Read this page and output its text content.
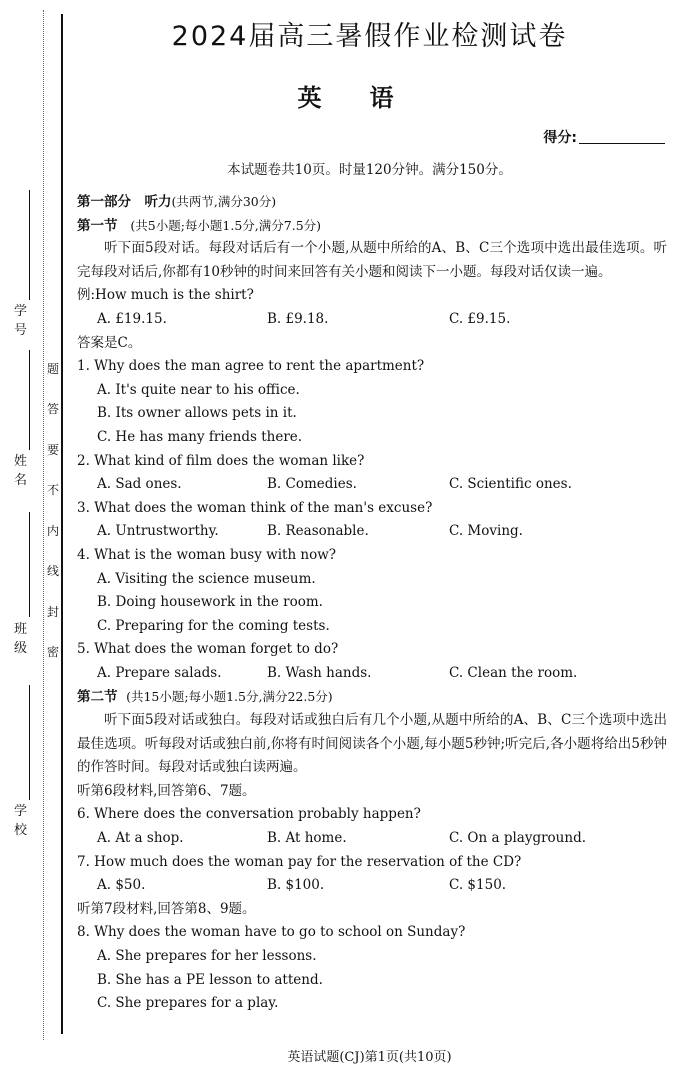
学
号
姓
名
班
级
学
校
密
封
线
内
不
要
答
题
2024届高三暑假作业检测试卷
英语
得分:
本试题卷共10页。时量120分钟。满分150分。
第一部分　听力(共两节,满分30分)
第一节 (共5小题;每小题1.5分,满分7.5分)
听下面5段对话。每段对话后有一个小题,从题中所给的A、B、C三个选项中选出最佳选项。听完每段对话后,你都有10秒钟的时间来回答有关小题和阅读下一小题。每段对话仅读一遍。
例:How much is the shirt?
A. £19.15.	B. £9.18.	C. £9.15.
答案是C。
1. Why does the man agree to rent the apartment?
A. It's quite near to his office.
B. Its owner allows pets in it.
C. He has many friends there.
2. What kind of film does the woman like?
A. Sad ones.	B. Comedies.	C. Scientific ones.
3. What does the woman think of the man's excuse?
A. Untrustworthy.	B. Reasonable.	C. Moving.
4. What is the woman busy with now?
A. Visiting the science museum.
B. Doing housework in the room.
C. Preparing for the coming tests.
5. What does the woman forget to do?
A. Prepare salads.	B. Wash hands.	C. Clean the room.
第二节 (共15小题;每小题1.5分,满分22.5分)
听下面5段对话或独白。每段对话或独白后有几个小题,从题中所给的A、B、C三个选项中选出最佳选项。听每段对话或独白前,你将有时间阅读各个小题,每小题5秒钟;听完后,各小题将给出5秒钟的作答时间。每段对话或独白读两遍。
听第6段材料,回答第6、7题。
6. Where does the conversation probably happen?
A. At a shop.	B. At home.	C. On a playground.
7. How much does the woman pay for the reservation of the CD?
A. $50.	B. $100.	C. $150.
听第7段材料,回答第8、9题。
8. Why does the woman have to go to school on Sunday?
A. She prepares for her lessons.
B. She has a PE lesson to attend.
C. She prepares for a play.
英语试题(CJ)第1页(共10页)
